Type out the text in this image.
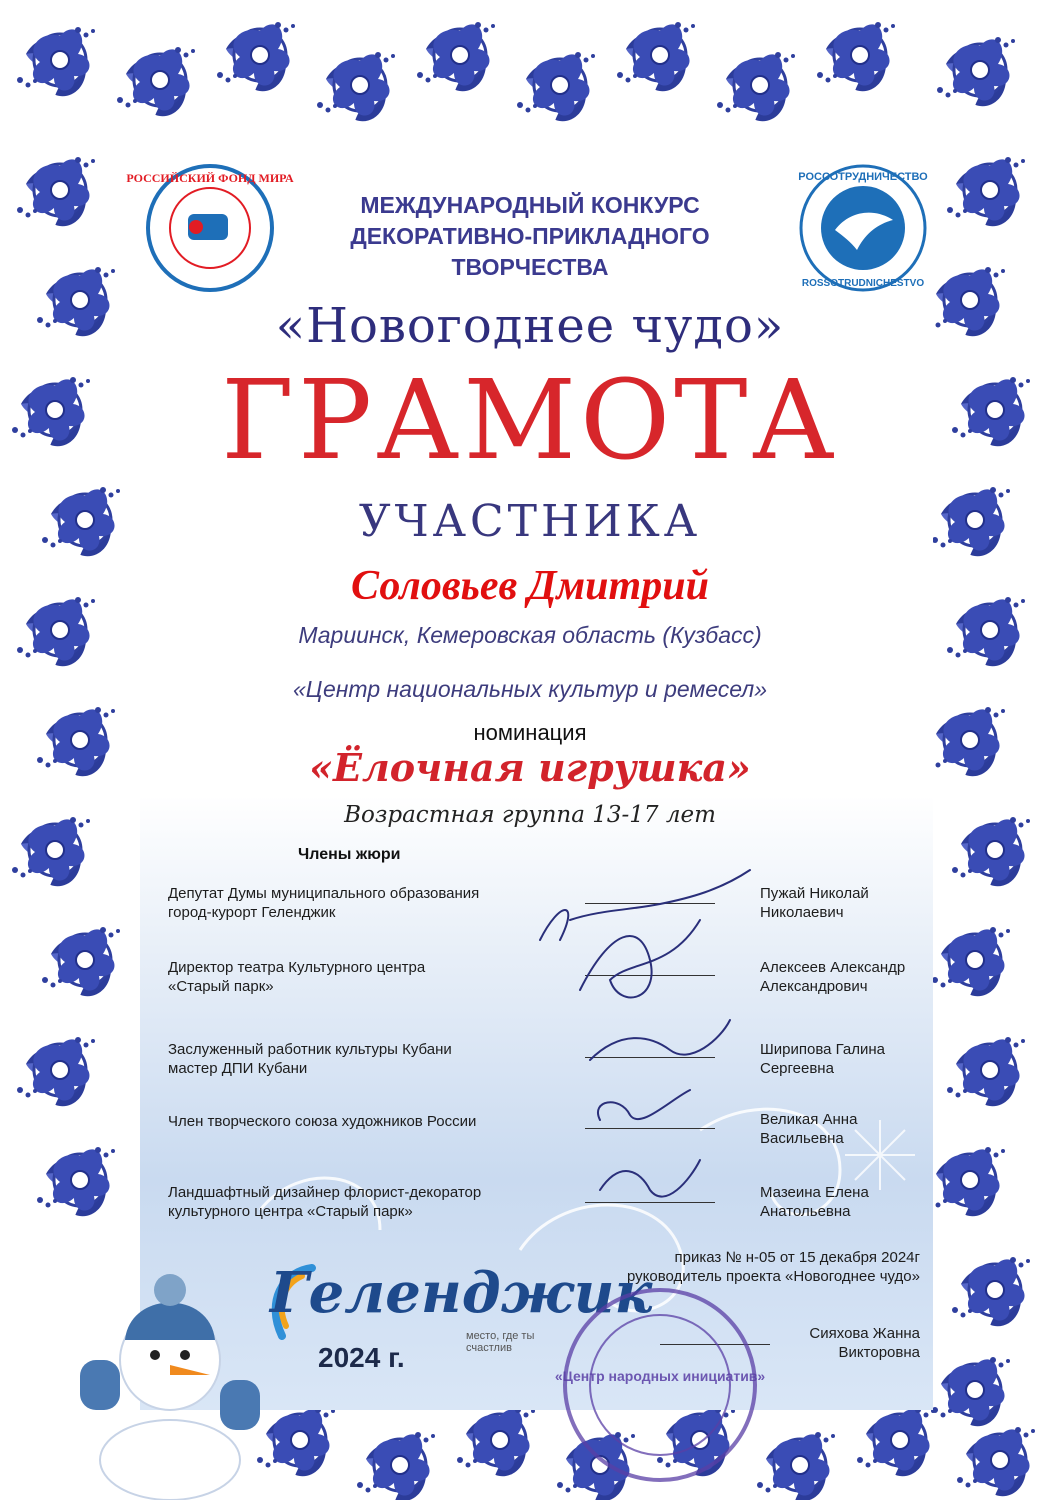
РОССИЙСКИЙ ФОНД МИРА	РОССОТРУДНИЧЕСТВО
ROSSOTRUDNICHESTVO
МЕЖДУНАРОДНЫЙ КОНКУРС
ДЕКОРАТИВНО-ПРИКЛАДНОГО
ТВОРЧЕСТВА
«Новогоднее чудо»
ГРАМОТА
УЧАСТНИКА
Соловьев Дмитрий
Мариинск, Кемеровская область (Кузбасс)
«Центр национальных культур и ремесел»
номинация
«Ёлочная игрушка»
Возрастная группа 13-17 лет
Члены жюри
Депутат Думы муниципального образования
город-курорт Геленджик
Пужай Николай
Николаевич
Директор театра Культурного центра
«Старый парк»
Алексеев Александр
Александрович
Заслуженный работник культуры Кубани
мастер ДПИ Кубани
Ширипова Галина
Сергеевна
Член творческого союза художников России	Великая Анна
Васильевна
Ландшафтный дизайнер флорист-декоратор
культурного центра «Старый парк»
Мазеина Елена
Анатольевна
приказ № н-05 от 15 декабря 2024г
руководитель проекта «Новогоднее чудо»
Сияхова Жанна
Викторовна
Геленджик
место, где ты счастлив
2024 г.
«Центр народных инициатив»
